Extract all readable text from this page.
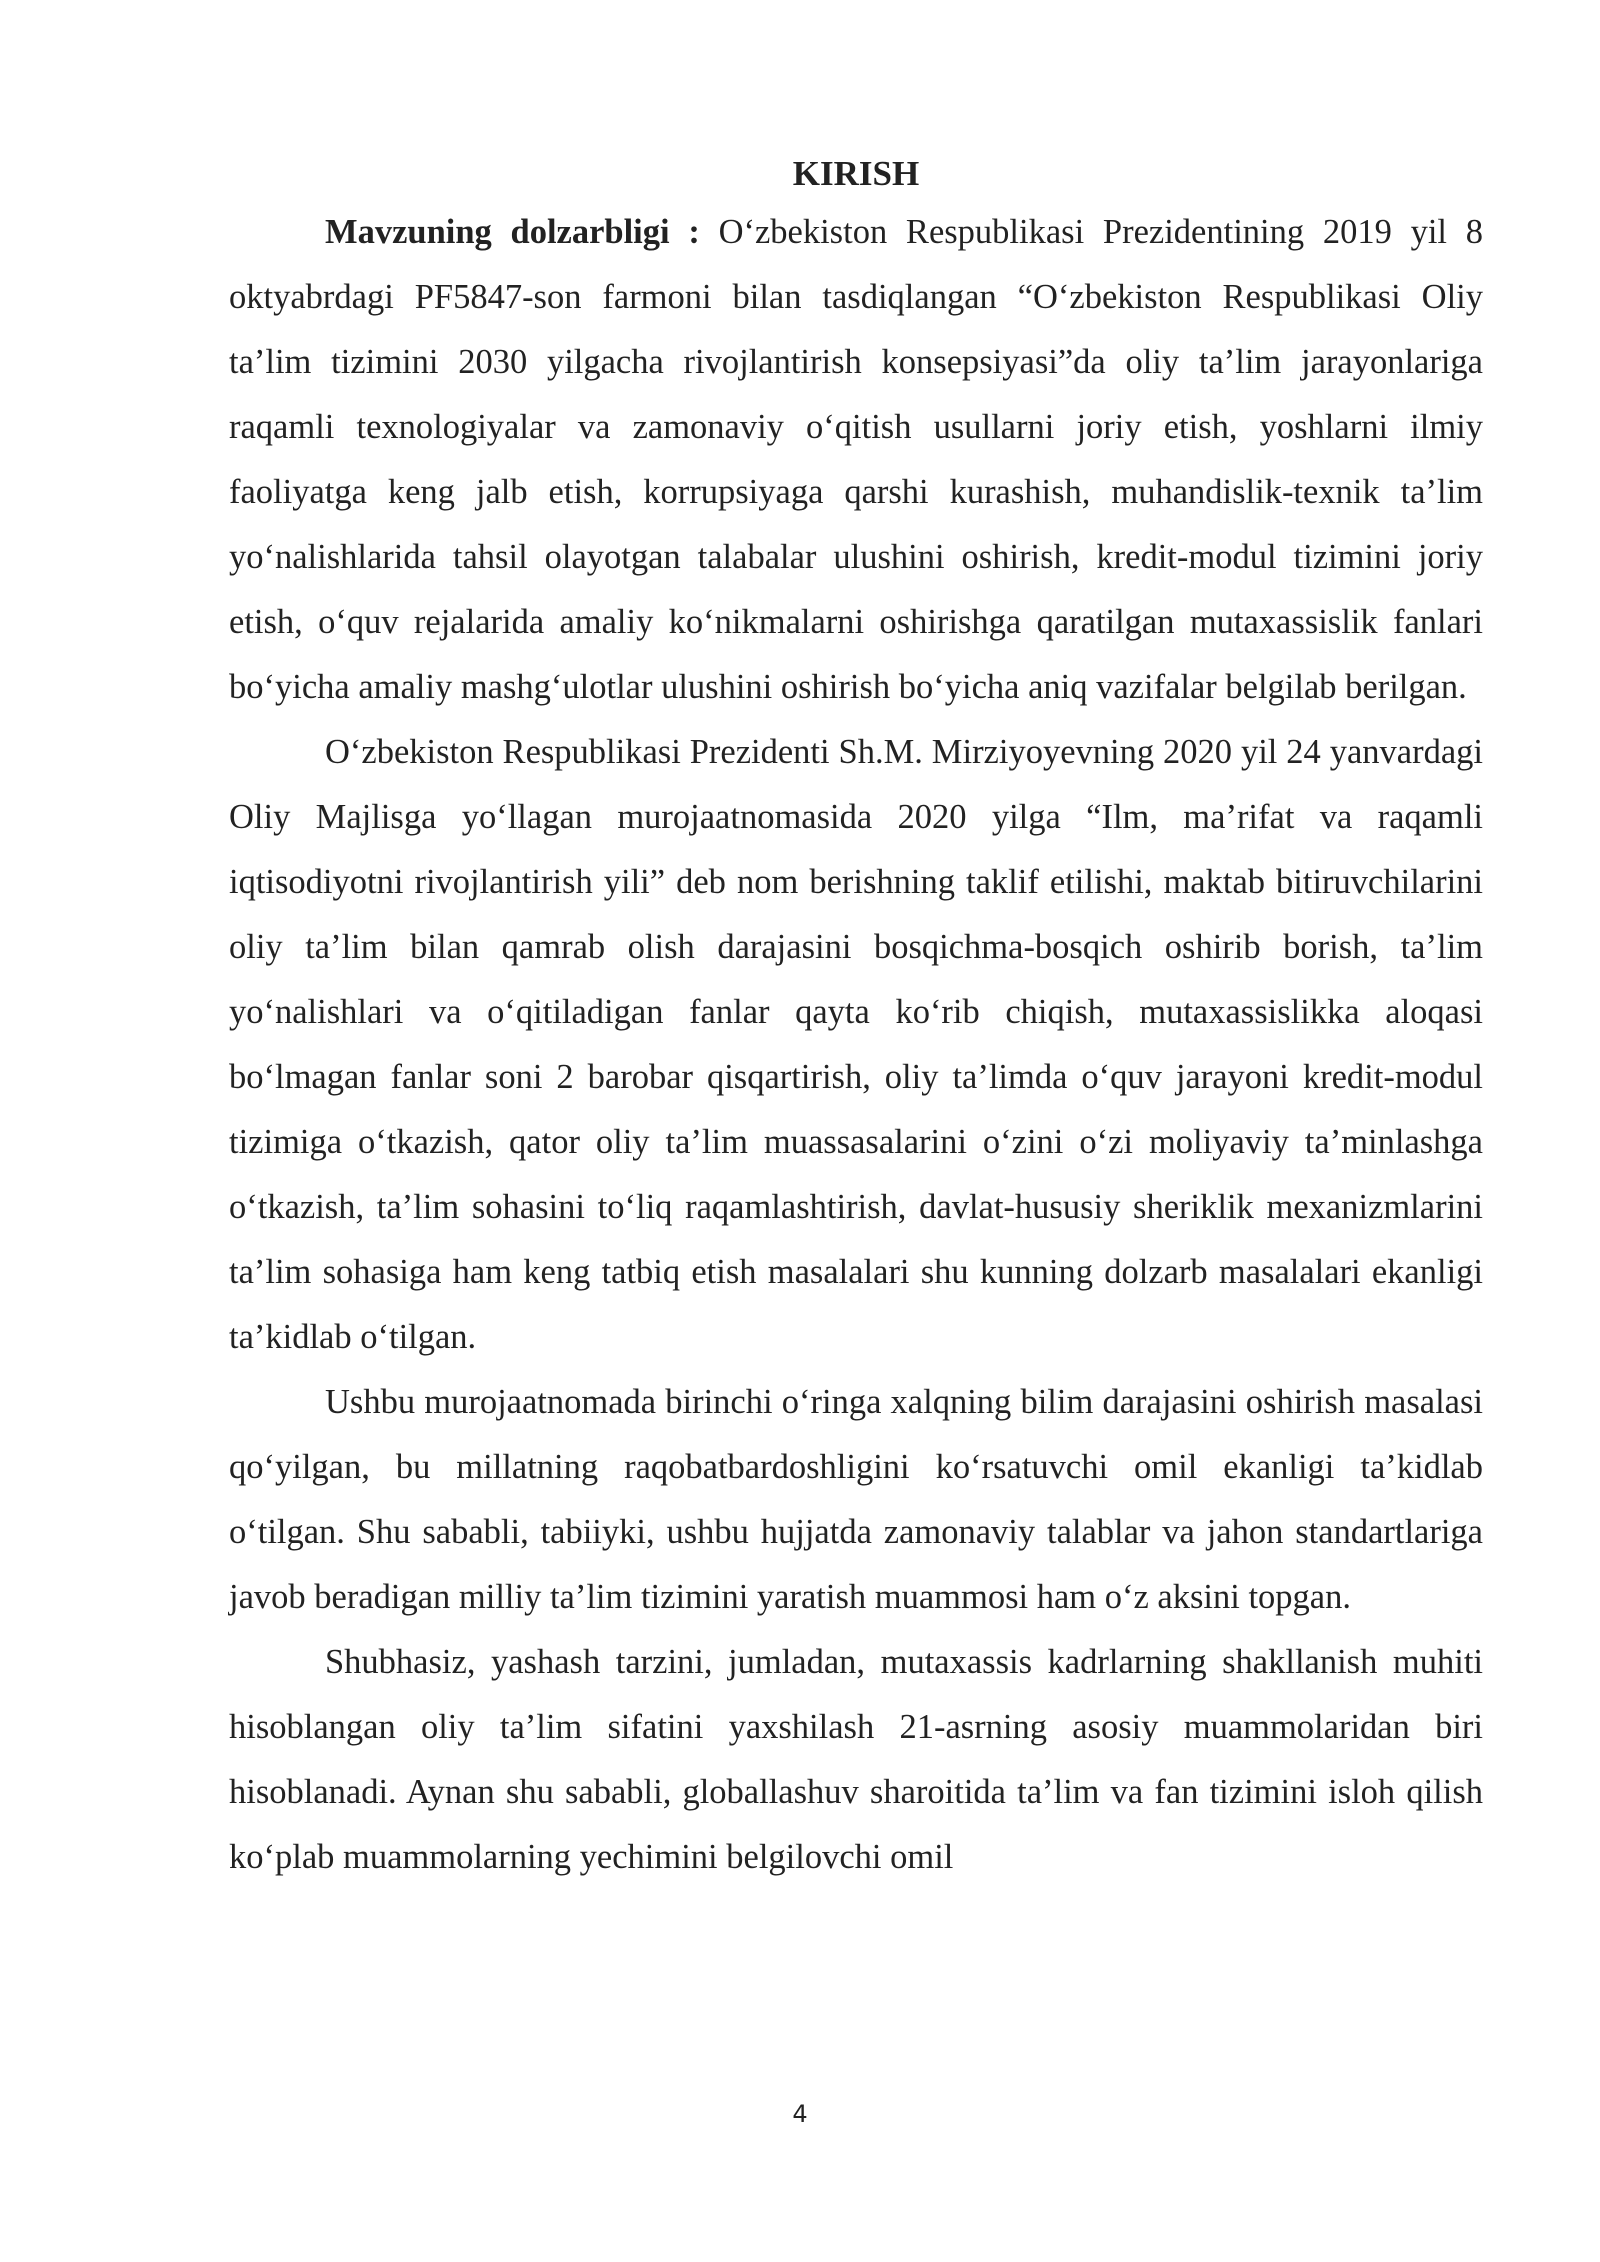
KIRISH

Mavzuning dolzarbligi : O‘zbekiston Respublikasi Prezidentining 2019 yil 8 oktyabrdagi PF5847-son farmoni bilan tasdiqlangan “O‘zbekiston Respublikasi Oliy ta’lim tizimini 2030 yilgacha rivojlantirish konsepsiyasi”da oliy ta’lim jarayonlariga raqamli texnologiyalar va zamonaviy o‘qitish usullarni joriy etish, yoshlarni ilmiy faoliyatga keng jalb etish, korrupsiyaga qarshi kurashish, muhandislik-texnik ta’lim yo‘nalishlarida tahsil olayotgan talabalar ulushini oshirish, kredit-modul tizimini joriy etish, o‘quv rejalarida amaliy ko‘nikmalarni oshirishga qaratilgan mutaxassislik fanlari bo‘yicha amaliy mashg‘ulotlar ulushini oshirish bo‘yicha aniq vazifalar belgilab berilgan.

O‘zbekiston Respublikasi Prezidenti Sh.M. Mirziyoyevning 2020 yil 24 yanvardagi Oliy Majlisga yo‘llagan murojaatnomasida 2020 yilga “Ilm, ma’rifat va raqamli iqtisodiyotni rivojlantirish yili” deb nom berishning taklif etilishi, maktab bitiruvchilarini oliy ta’lim bilan qamrab olish darajasini bosqichma-bosqich oshirib borish, ta’lim yo‘nalishlari va o‘qitiladigan fanlar qayta ko‘rib chiqish, mutaxassislikka aloqasi bo‘lmagan fanlar soni 2 barobar qisqartirish, oliy ta’limda o‘quv jarayoni kredit-modul tizimiga o‘tkazish, qator oliy ta’lim muassasalarini o‘zini o‘zi moliyaviy ta’minlashga o‘tkazish, ta’lim sohasini to‘liq raqamlashtirish, davlat-hususiy sheriklik mexanizmlarini ta’lim sohasiga ham keng tatbiq etish masalalari shu kunning dolzarb masalalari ekanligi ta’kidlab o‘tilgan.

Ushbu murojaatnomada birinchi o‘ringa xalqning bilim darajasini oshirish masalasi qo‘yilgan, bu millatning raqobatbardoshligini ko‘rsatuvchi omil ekanligi ta’kidlab o‘tilgan. Shu sababli, tabiiyki, ushbu hujjatda zamonaviy talablar va jahon standartlariga javob beradigan milliy ta’lim tizimini yaratish muammosi ham o‘z aksini topgan.

Shubhasiz, yashash tarzini, jumladan, mutaxassis kadrlarning shakllanish muhiti hisoblangan oliy ta’lim sifatini yaxshilash 21-asrning asosiy muammolaridan biri hisoblanadi. Aynan shu sababli, globallashuv sharoitida ta’lim va fan tizimini isloh qilish ko‘plab muammolarning yechimini belgilovchi omil

4
